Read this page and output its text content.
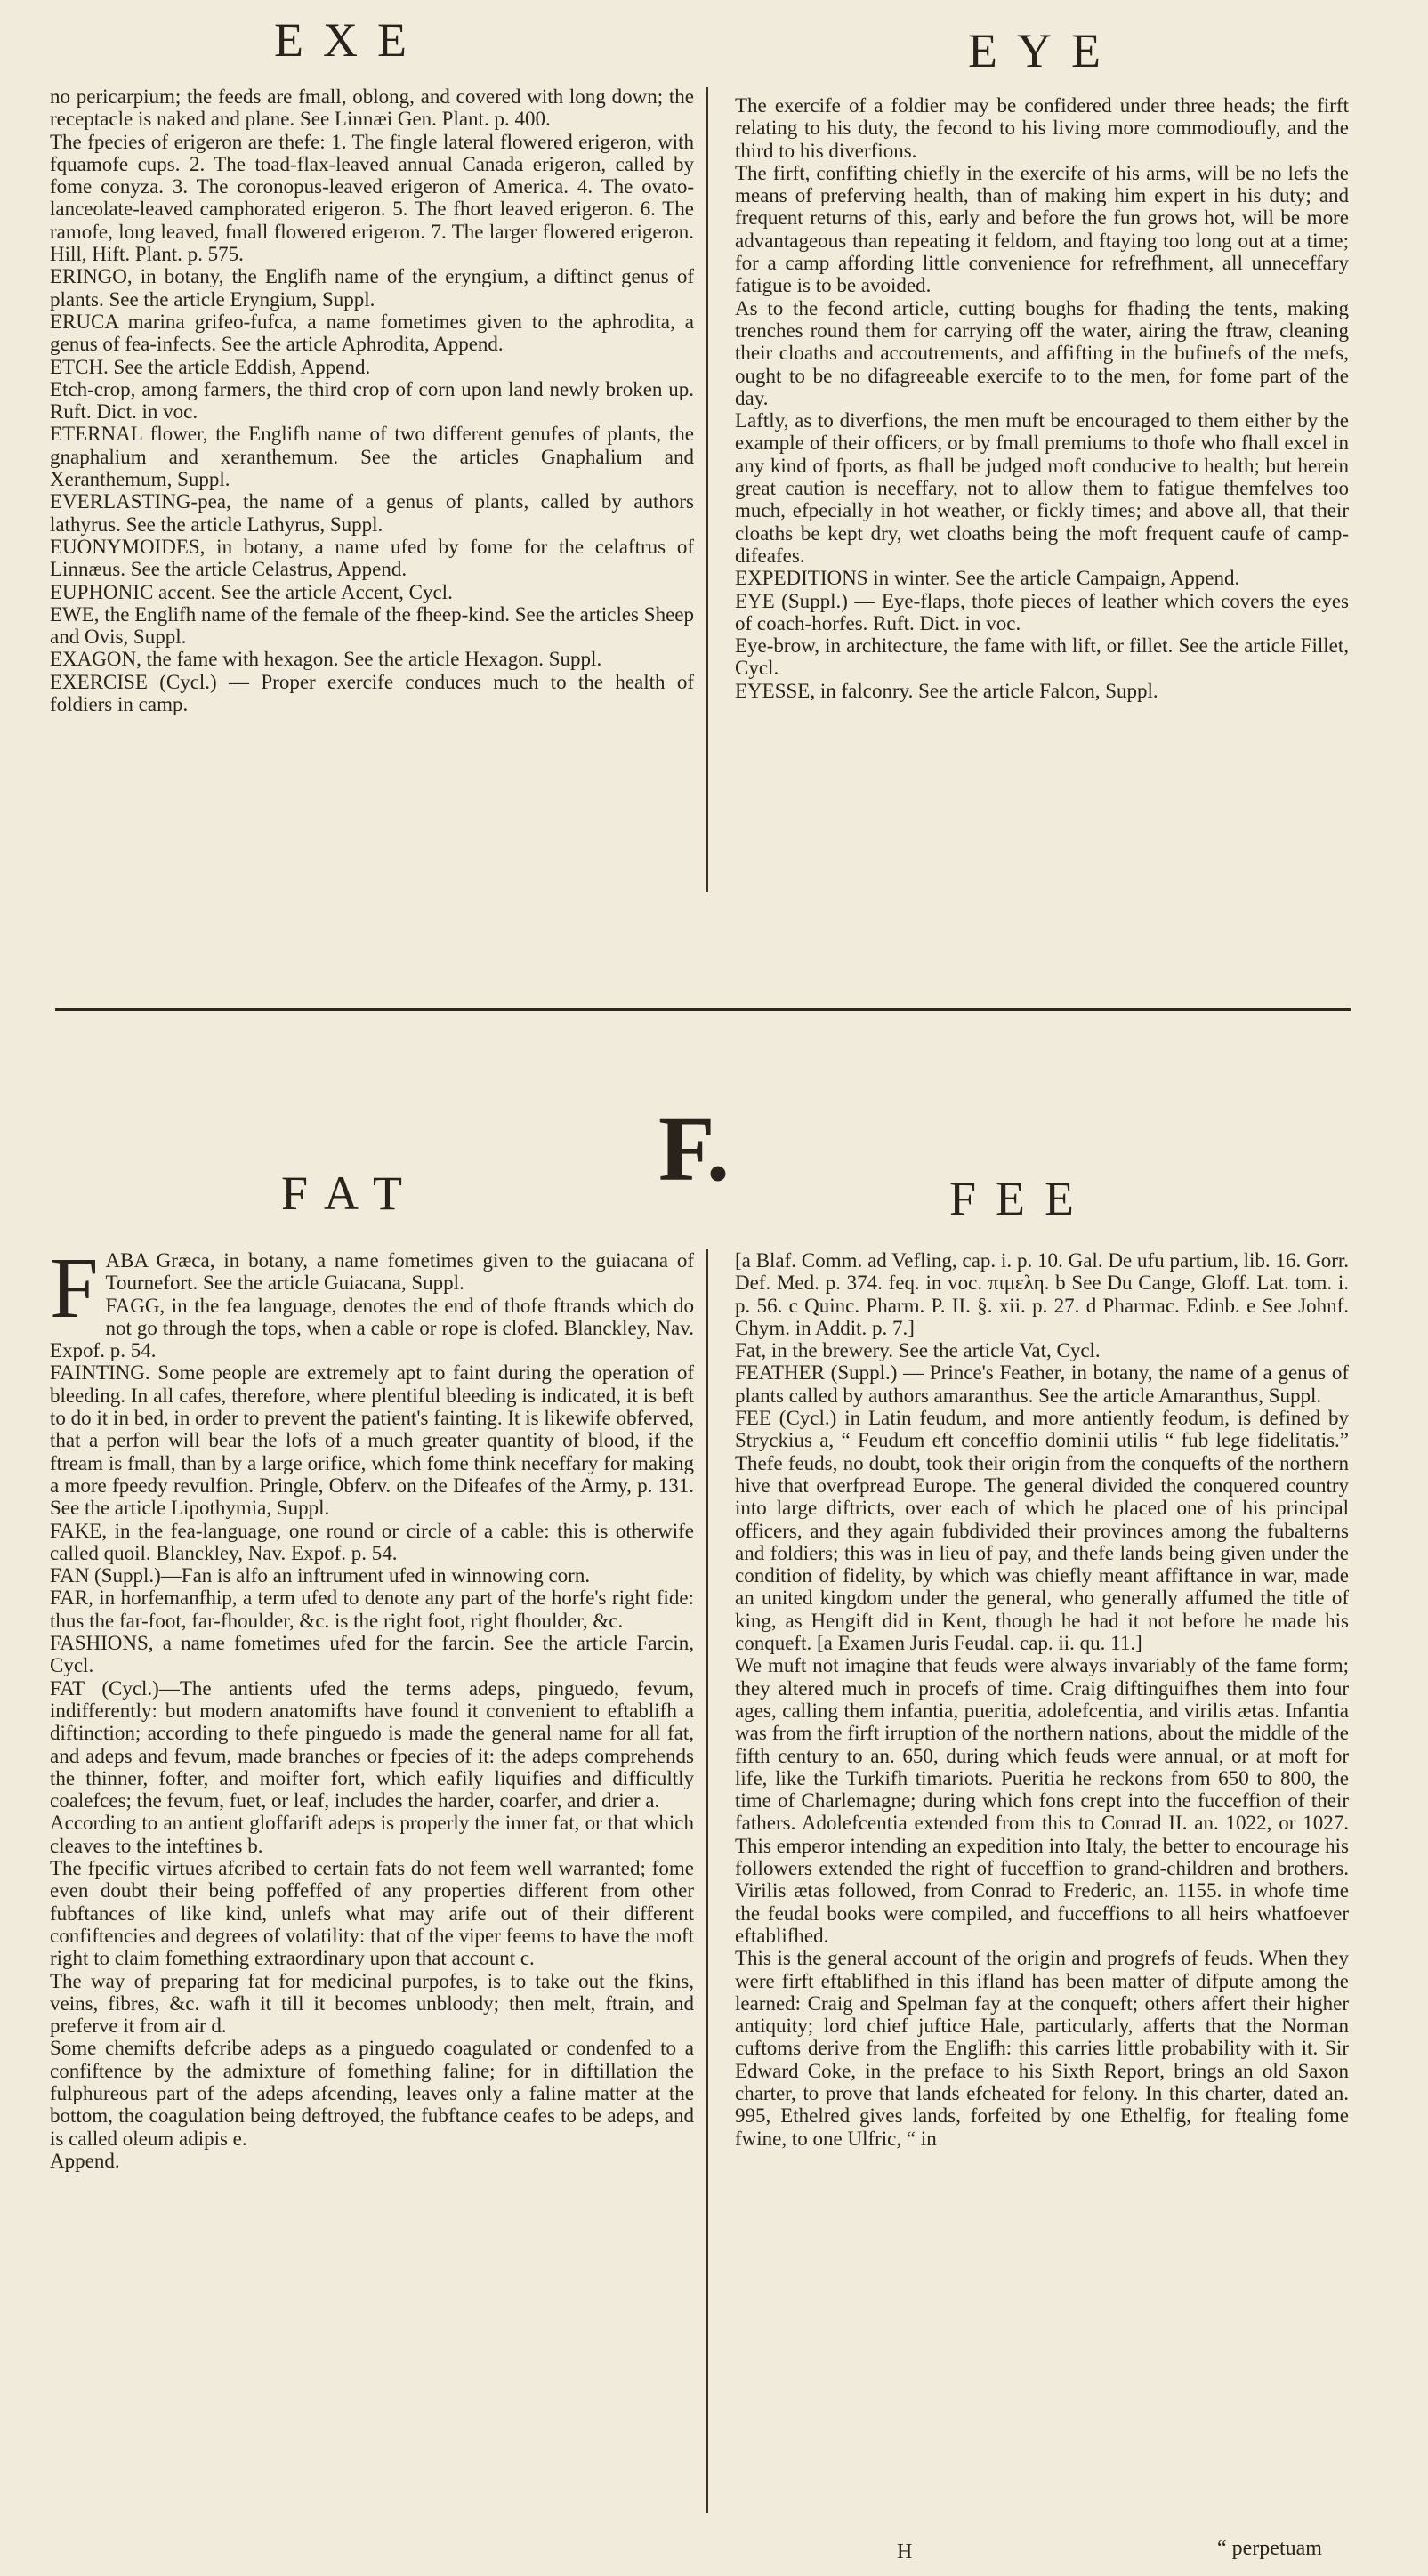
EXE	EYE

no pericarpium; the feeds are fmall, oblong, and covered with long down; the receptacle is naked and plane. See Linnæi Gen. Plant. p. 400.

The fpecies of erigeron are thefe: 1. The fingle lateral flowered erigeron, with fquamofe cups. 2. The toad-flax-leaved annual Canada erigeron, called by fome conyza. 3. The coronopus-leaved erigeron of America. 4. The ovato-lanceolate-leaved camphorated erigeron. 5. The fhort leaved erigeron. 6. The ramofe, long leaved, fmall flowered erigeron. 7. The larger flowered erigeron. Hill, Hift. Plant. p. 575.

ERINGO, in botany, the Englifh name of the eryngium, a diftinct genus of plants. See the article Eryngium, Suppl.

ERUCA marina grifeo-fufca, a name fometimes given to the aphrodita, a genus of fea-infects. See the article Aphrodita, Append.

ETCH. See the article Eddish, Append.

Etch-crop, among farmers, the third crop of corn upon land newly broken up. Ruft. Dict. in voc.

ETERNAL flower, the Englifh name of two different genufes of plants, the gnaphalium and xeranthemum. See the articles Gnaphalium and Xeranthemum, Suppl.

EVERLASTING-pea, the name of a genus of plants, called by authors lathyrus. See the article Lathyrus, Suppl.

EUONYMOIDES, in botany, a name ufed by fome for the celaftrus of Linnæus. See the article Celastrus, Append.

EUPHONIC accent. See the article Accent, Cycl.

EWE, the Englifh name of the female of the fheep-kind. See the articles Sheep and Ovis, Suppl.

EXAGON, the fame with hexagon. See the article Hexagon. Suppl.

EXERCISE (Cycl.) — Proper exercife conduces much to the health of foldiers in camp.

The exercife of a foldier may be confidered under three heads; the firft relating to his duty, the fecond to his living more commodioufly, and the third to his diverfions.

The firft, confifting chiefly in the exercife of his arms, will be no lefs the means of preferving health, than of making him expert in his duty; and frequent returns of this, early and before the fun grows hot, will be more advantageous than repeating it feldom, and ftaying too long out at a time; for a camp affording little convenience for refrefhment, all unneceffary fatigue is to be avoided.

As to the fecond article, cutting boughs for fhading the tents, making trenches round them for carrying off the water, airing the ftraw, cleaning their cloaths and accoutrements, and affifting in the bufinefs of the mefs, ought to be no difagreeable exercife to to the men, for fome part of the day.

Laftly, as to diverfions, the men muft be encouraged to them either by the example of their officers, or by fmall premiums to thofe who fhall excel in any kind of fports, as fhall be judged moft conducive to health; but herein great caution is neceffary, not to allow them to fatigue themfelves too much, efpecially in hot weather, or fickly times; and above all, that their cloaths be kept dry, wet cloaths being the moft frequent caufe of camp-difeafes.

EXPEDITIONS in winter. See the article Campaign, Append.

EYE (Suppl.) — Eye-flaps, thofe pieces of leather which covers the eyes of coach-horfes. Ruft. Dict. in voc.

Eye-brow, in architecture, the fame with lift, or fillet. See the article Fillet, Cycl.

EYESSE, in falconry. See the article Falcon, Suppl.

F.
FAT	FEE

FABA Græca, in botany, a name fometimes given to the guiacana of Tournefort. See the article Guiacana, Suppl.

FAGG, in the fea language, denotes the end of thofe ftrands which do not go through the tops, when a cable or rope is clofed. Blanckley, Nav. Expof. p. 54.

FAINTING. Some people are extremely apt to faint during the operation of bleeding. In all cafes, therefore, where plentiful bleeding is indicated, it is beft to do it in bed, in order to prevent the patient's fainting. It is likewife obferved, that a perfon will bear the lofs of a much greater quantity of blood, if the ftream is fmall, than by a large orifice, which fome think neceffary for making a more fpeedy revulfion. Pringle, Obferv. on the Difeafes of the Army, p. 131. See the article Lipothymia, Suppl.

FAKE, in the fea-language, one round or circle of a cable: this is otherwife called quoil. Blanckley, Nav. Expof. p. 54.

FAN (Suppl.)—Fan is alfo an inftrument ufed in winnowing corn.

FAR, in horfemanfhip, a term ufed to denote any part of the horfe's right fide: thus the far-foot, far-fhoulder, &c. is the right foot, right fhoulder, &c.

FASHIONS, a name fometimes ufed for the farcin. See the article Farcin, Cycl.

FAT (Cycl.)—The antients ufed the terms adeps, pinguedo, fevum, indifferently: but modern anatomifts have found it convenient to eftablifh a diftinction; according to thefe pinguedo is made the general name for all fat, and adeps and fevum, made branches or fpecies of it: the adeps comprehends the thinner, fofter, and moifter fort, which eafily liquifies and difficultly coalefces; the fevum, fuet, or leaf, includes the harder, coarfer, and drier a.

According to an antient gloffarift adeps is properly the inner fat, or that which cleaves to the inteftines b.

The fpecific virtues afcribed to certain fats do not feem well warranted; fome even doubt their being poffeffed of any properties different from other fubftances of like kind, unlefs what may arife out of their different confiftencies and degrees of volatility: that of the viper feems to have the moft right to claim fomething extraordinary upon that account c.

The way of preparing fat for medicinal purpofes, is to take out the fkins, veins, fibres, &c. wafh it till it becomes unbloody; then melt, ftrain, and preferve it from air d.

Some chemifts defcribe adeps as a pinguedo coagulated or condenfed to a confiftence by the admixture of fomething faline; for in diftillation the fulphureous part of the adeps afcending, leaves only a faline matter at the bottom, the coagulation being deftroyed, the fubftance ceafes to be adeps, and is called oleum adipis e.

Append.

[a Blaf. Comm. ad Vefling, cap. i. p. 10. Gal. De ufu partium, lib. 16. Gorr. Def. Med. p. 374. feq. in voc. πιμελη. b See Du Cange, Gloff. Lat. tom. i. p. 56. c Quinc. Pharm. P. II. §. xii. p. 27. d Pharmac. Edinb. e See Johnf. Chym. in Addit. p. 7.]

Fat, in the brewery. See the article Vat, Cycl.

FEATHER (Suppl.) — Prince's Feather, in botany, the name of a genus of plants called by authors amaranthus. See the article Amaranthus, Suppl.

FEE (Cycl.) in Latin feudum, and more antiently feodum, is defined by Stryckius a, “ Feudum eft conceffio dominii utilis “ fub lege fidelitatis.” Thefe feuds, no doubt, took their origin from the conquefts of the northern hive that overfpread Europe. The general divided the conquered country into large diftricts, over each of which he placed one of his principal officers, and they again fubdivided their provinces among the fubalterns and foldiers; this was in lieu of pay, and thefe lands being given under the condition of fidelity, by which was chiefly meant affiftance in war, made an united kingdom under the general, who generally affumed the title of king, as Hengift did in Kent, though he had it not before he made his conqueft. [a Examen Juris Feudal. cap. ii. qu. 11.]

We muft not imagine that feuds were always invariably of the fame form; they altered much in procefs of time. Craig diftinguifhes them into four ages, calling them infantia, pueritia, adolefcentia, and virilis ætas. Infantia was from the firft irruption of the northern nations, about the middle of the fifth century to an. 650, during which feuds were annual, or at moft for life, like the Turkifh timariots. Pueritia he reckons from 650 to 800, the time of Charlemagne; during which fons crept into the fucceffion of their fathers. Adolefcentia extended from this to Conrad II. an. 1022, or 1027. This emperor intending an expedition into Italy, the better to encourage his followers extended the right of fucceffion to grand-children and brothers. Virilis ætas followed, from Conrad to Frederic, an. 1155. in whofe time the feudal books were compiled, and fucceffions to all heirs whatfoever eftablifhed.

This is the general account of the origin and progrefs of feuds. When they were firft eftablifhed in this ifland has been matter of difpute among the learned: Craig and Spelman fay at the conqueft; others affert their higher antiquity; lord chief juftice Hale, particularly, afferts that the Norman cuftoms derive from the Englifh: this carries little probability with it. Sir Edward Coke, in the preface to his Sixth Report, brings an old Saxon charter, to prove that lands efcheated for felony. In this charter, dated an. 995, Ethelred gives lands, forfeited by one Ethelfig, for ftealing fome fwine, to one Ulfric, “ in

H	“ perpetuam
